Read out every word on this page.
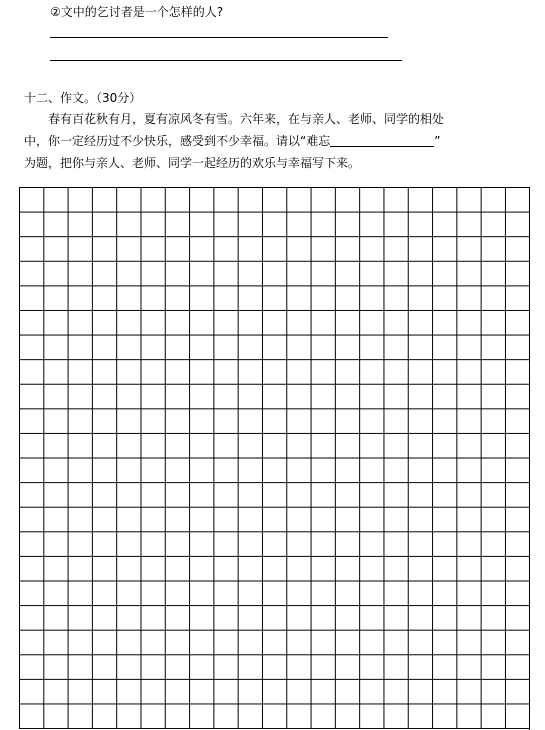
②文中的乞讨者是一个怎样的人?
十二、作文。（30分）
春有百花秋有月，夏有凉风冬有雪。六年来，在与亲人、老师、同学的相处
中，你一定经历过不少快乐，感受到不少幸福。请以“难忘	”
为题，把你与亲人、老师、同学一起经历的欢乐与幸福写下来。
